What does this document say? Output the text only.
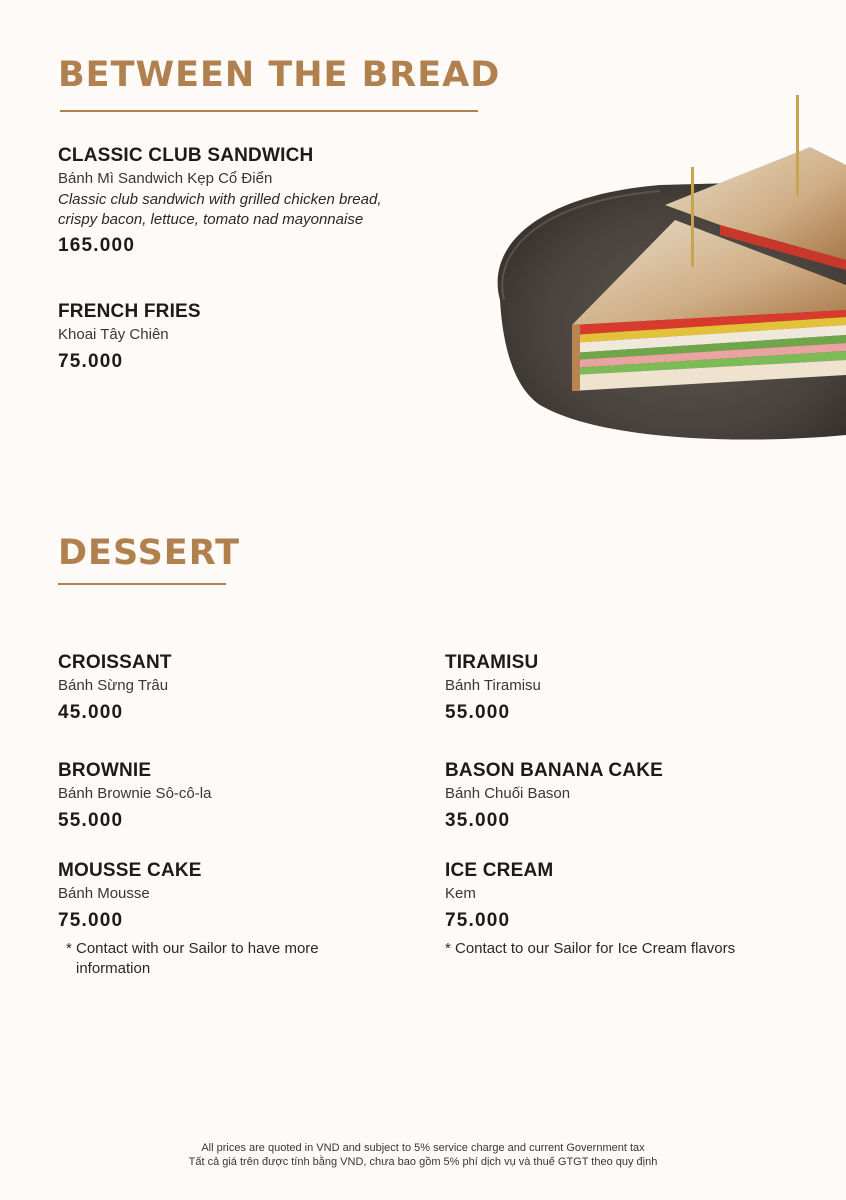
BETWEEN THE BREAD
CLASSIC CLUB SANDWICH
Bánh Mì Sandwich Kẹp Cổ Điển
Classic club sandwich with grilled chicken bread,
crispy bacon, lettuce, tomato nad mayonnaise
165.000
FRENCH FRIES
Khoai Tây Chiên
75.000
DESSERT
CROISSANT
Bánh Sừng Trâu
45.000
TIRAMISU
Bánh Tiramisu
55.000
BROWNIE
Bánh Brownie Sô-cô-la
55.000
BASON BANANA CAKE
Bánh Chuối Bason
35.000
MOUSSE CAKE
Bánh Mousse
75.000
* Contact with our Sailor to have more information
ICE CREAM
Kem
75.000
* Contact to our Sailor for Ice Cream flavors
All prices are quoted in VND and subject to 5% service charge and current Government tax
Tất cả giá trên được tính bằng VND, chưa bao gồm 5% phí dịch vụ và thuế GTGT theo quy định
